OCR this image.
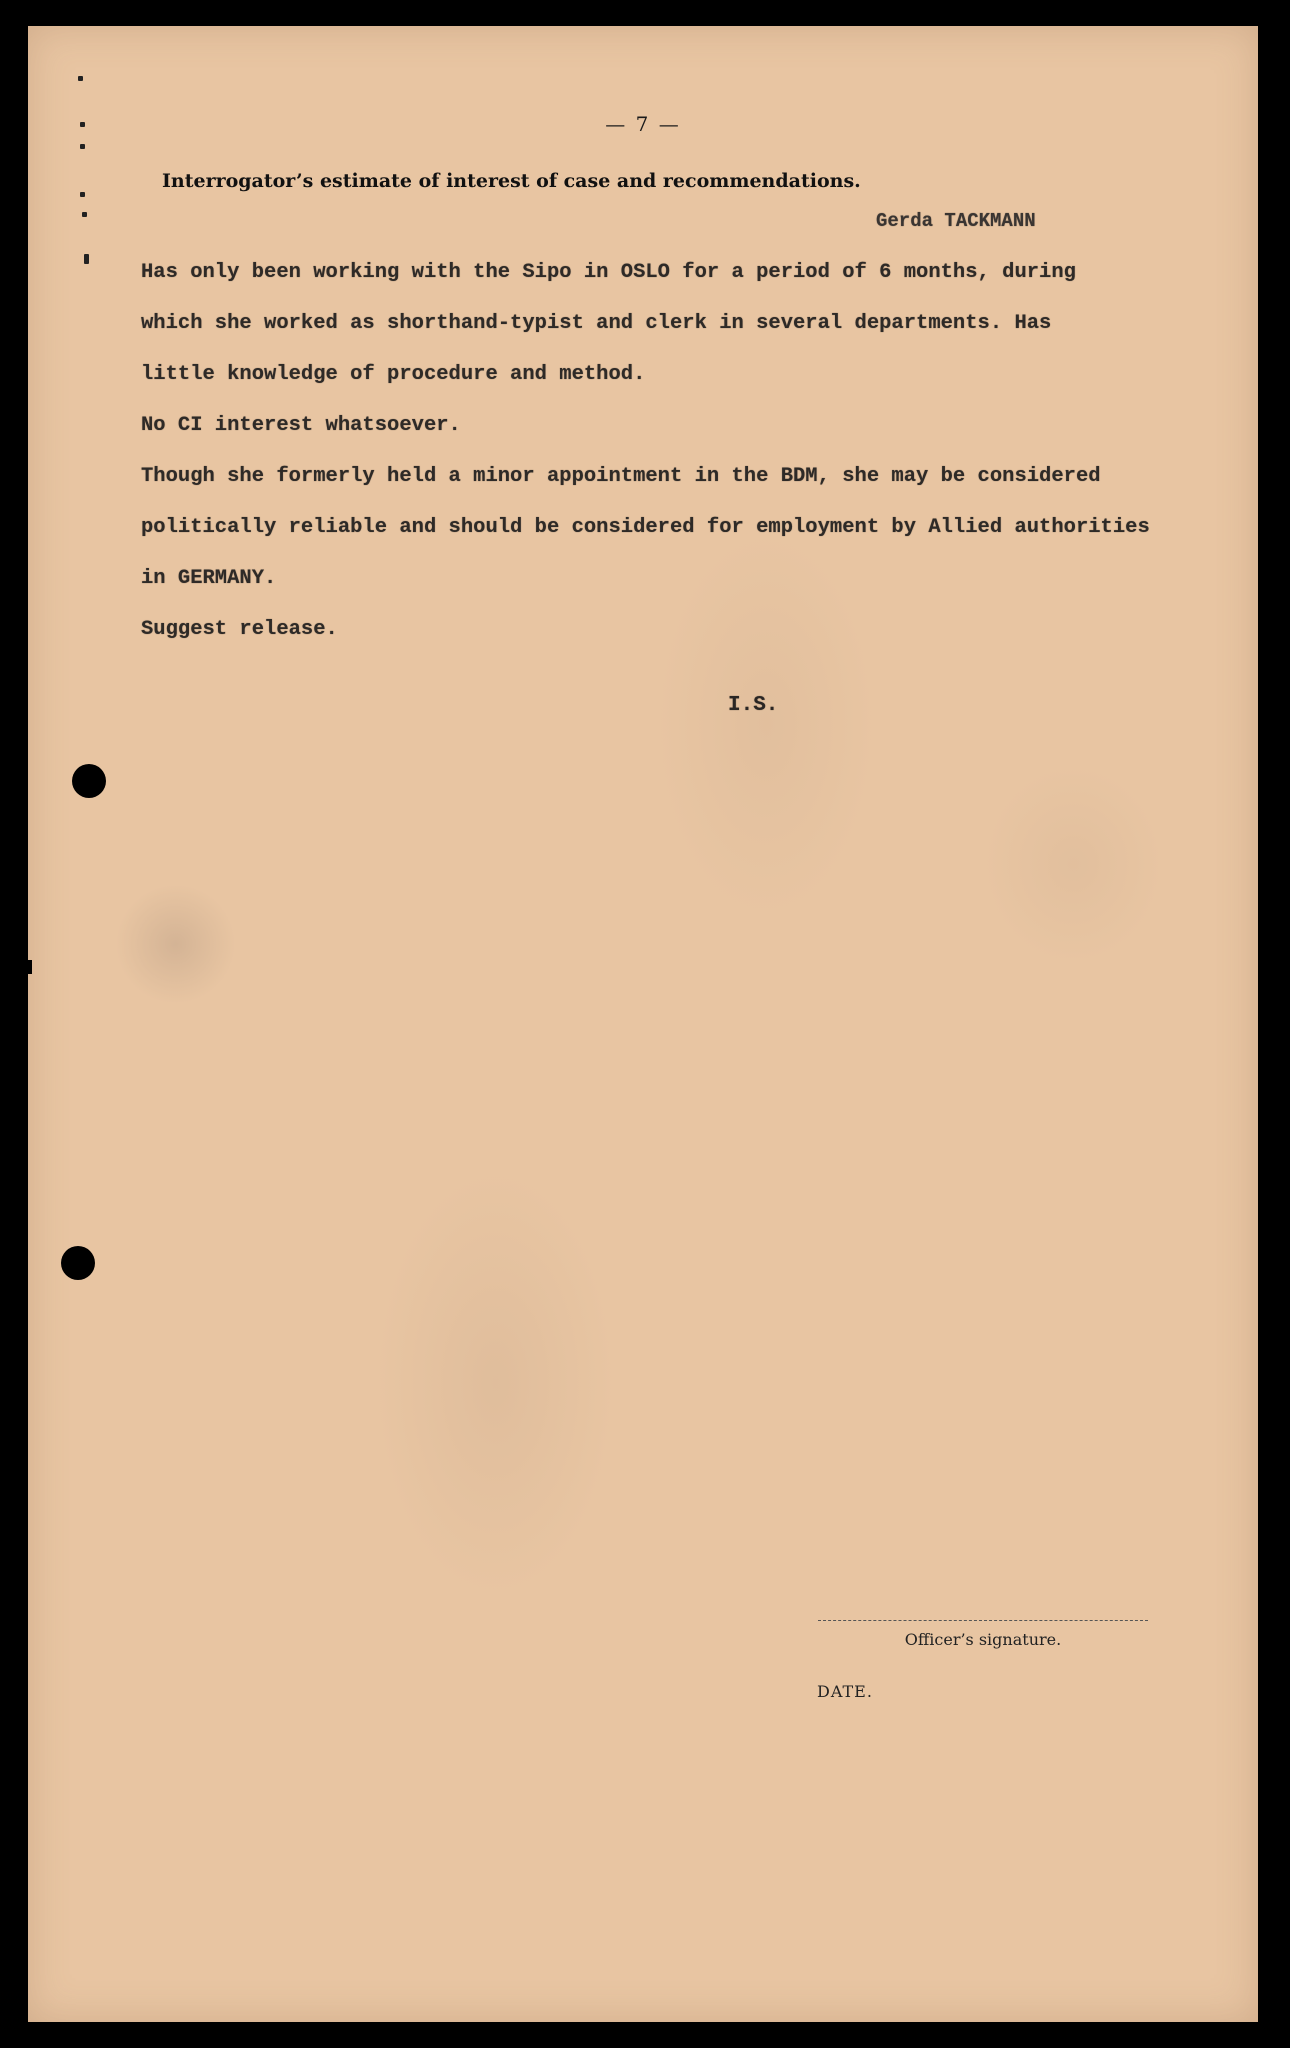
— 7 —
Interrogator’s estimate of interest of case and recommendations.
Gerda TACKMANN
Has only been working with the Sipo in OSLO for a period of 6 months, during
which she worked as shorthand-typist and clerk in several departments. Has
little knowledge of procedure and method.
No CI interest whatsoever.
Though she formerly held a minor appointment in the BDM, she may be considered
politically reliable and should be considered for employment by Allied authorities
in GERMANY.
Suggest release.
I.S.
Officer’s signature.
DATE.
